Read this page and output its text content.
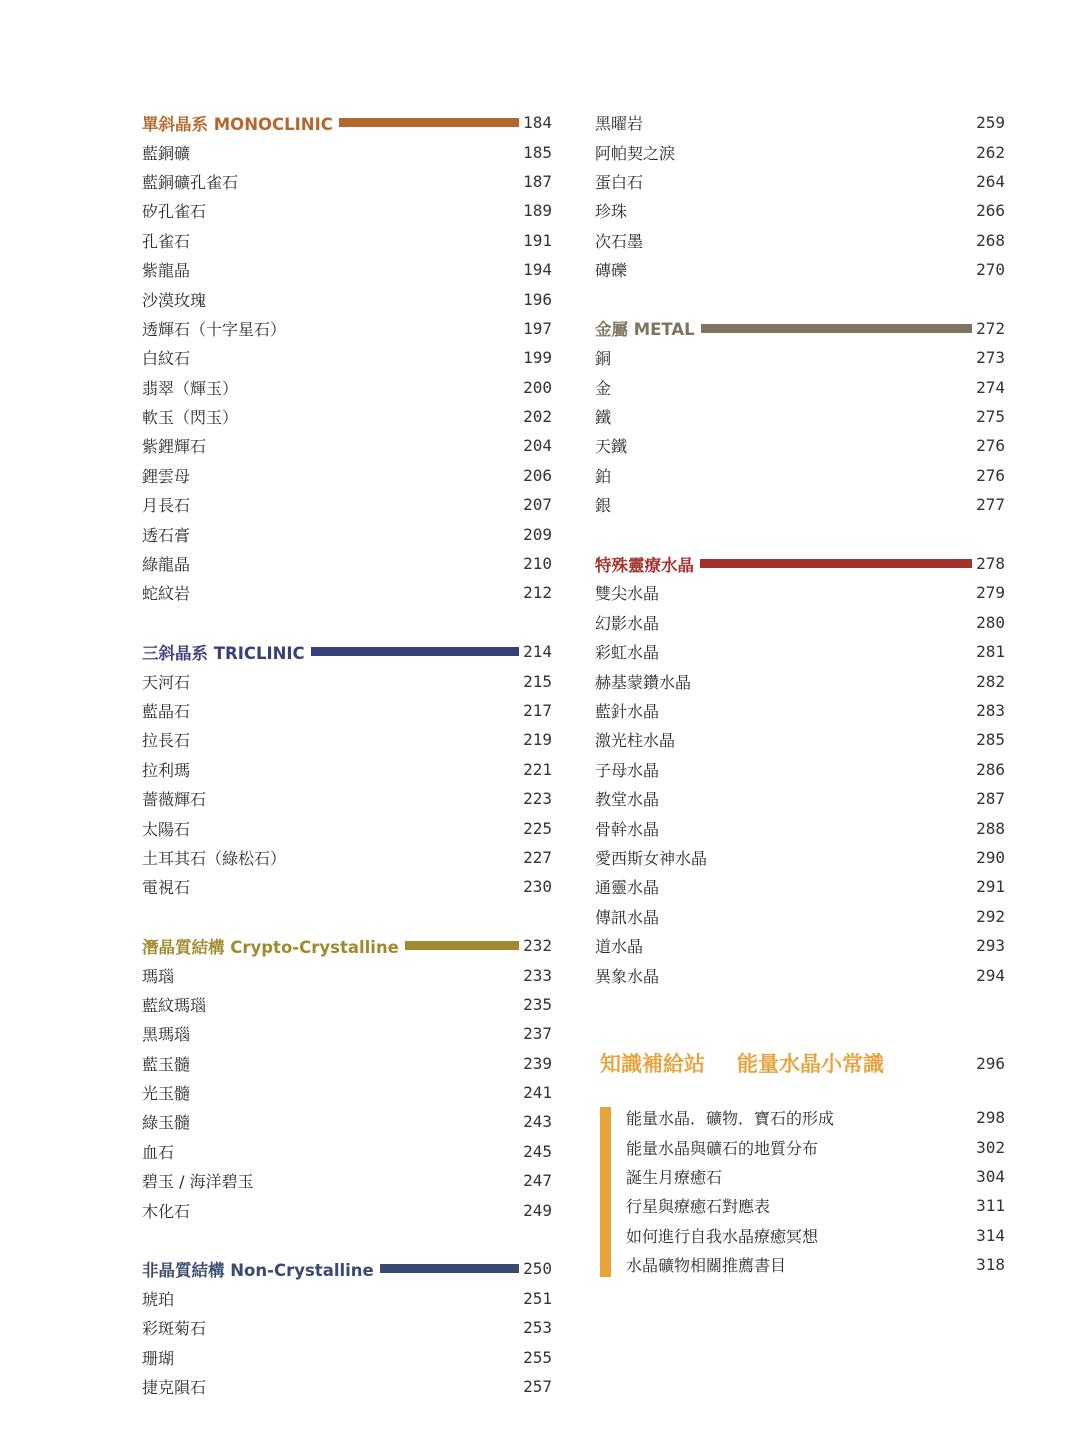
單斜晶系 MONOCLINIC	184
藍銅礦	185
藍銅礦孔雀石	187
矽孔雀石	189
孔雀石	191
紫龍晶	194
沙漠玫瑰	196
透輝石（十字星石）	197
白紋石	199
翡翠（輝玉）	200
軟玉（閃玉）	202
紫鋰輝石	204
鋰雲母	206
月長石	207
透石膏	209
綠龍晶	210
蛇紋岩	212
三斜晶系 TRICLINIC	214
天河石	215
藍晶石	217
拉長石	219
拉利瑪	221
薔薇輝石	223
太陽石	225
土耳其石（綠松石）	227
電視石	230
潛晶質結構 Crypto-Crystalline	232
瑪瑙	233
藍紋瑪瑙	235
黑瑪瑙	237
藍玉髓	239
光玉髓	241
綠玉髓	243
血石	245
碧玉 / 海洋碧玉	247
木化石	249
非晶質結構 Non-Crystalline	250
琥珀	251
彩斑菊石	253
珊瑚	255
捷克隕石	257
黑曜岩	259
阿帕契之淚	262
蛋白石	264
珍珠	266
次石墨	268
磚礫	270
金屬 METAL	272
銅	273
金	274
鐵	275
天鐵	276
鉑	276
銀	277
特殊靈療水晶	278
雙尖水晶	279
幻影水晶	280
彩虹水晶	281
赫基蒙鑽水晶	282
藍針水晶	283
激光柱水晶	285
子母水晶	286
教堂水晶	287
骨幹水晶	288
愛西斯女神水晶	290
通靈水晶	291
傳訊水晶	292
道水晶	293
異象水晶	294
知識補給站 能量水晶小常識	296
能量水晶．礦物．寶石的形成	298
能量水晶與礦石的地質分布	302
誕生月療癒石	304
行星與療癒石對應表	311
如何進行自我水晶療癒冥想	314
水晶礦物相關推薦書目	318
